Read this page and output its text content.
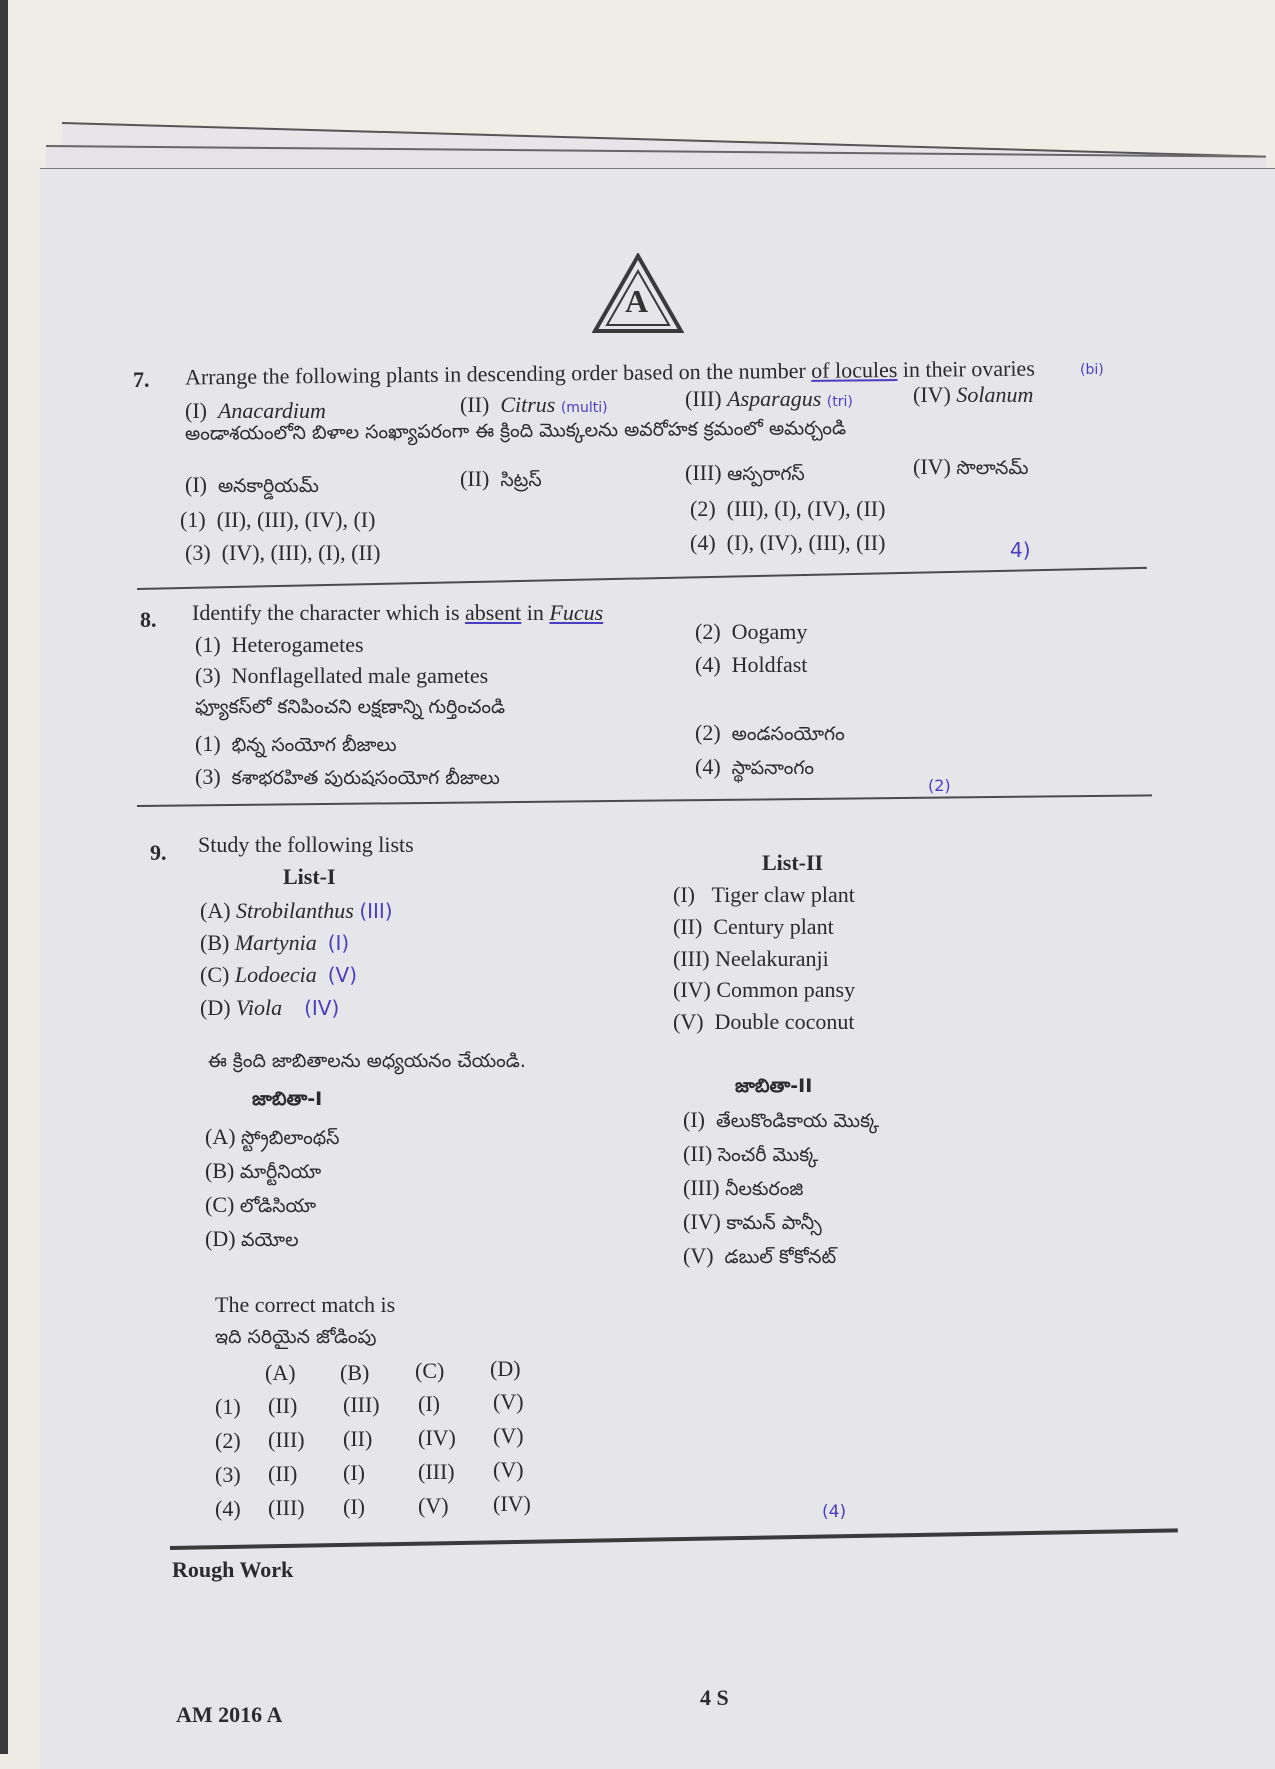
A
7. Arrange the following plants in descending order based on the number of locules in their ovaries
(I) Anacardium	(II) Citrus (multi)	(III) Asparagus (tri)	(IV) Solanum
(bi)
అండాశయంలోని బిళాల సంఖ్యాపరంగా ఈ క్రింది మొక్కలను అవరోహక క్రమంలో అమర్చండి
(I) అనకార్డియమ్	(II) సిట్రస్	(III) ఆస్పరాగస్	(IV) సొలానమ్
(1) (II), (III), (IV), (I)	(2) (III), (I), (IV), (II)
(3) (IV), (III), (I), (II)	(4) (I), (IV), (III), (II)	4)
8. Identify the character which is absent in Fucus
(1) Heterogametes
(2) Oogamy
(3) Nonflagellated male gametes	(4) Holdfast
ఫ్యూకస్‌లో కనిపించని లక్షణాన్ని గుర్తించండి
(1) భిన్న సంయోగ బీజాలు	(2) అండసంయోగం
(3) కశాభరహిత పురుషసంయోగ బీజాలు	(4) స్థాపనాంగం
(2)
9. Study the following lists
List-I
List-II
(A) Strobilanthus (III)
(B) Martynia (I)
(C) Lodoecia (V)
(D) Viola (IV)
(I) Tiger claw plant
(II) Century plant
(III) Neelakuranji
(IV) Common pansy
(V) Double coconut
ఈ క్రింది జాబితాలను అధ్యయనం చేయండి.
జాబితా-I
జాబితా-II
(A) స్ట్రోబిలాంథస్
(B) మార్టీనియా
(C) లోడిసియా
(D) వయోల
(I) తేలుకొండికాయ మొక్క
(II) సెంచరీ మొక్క
(III) నీలకురంజి
(IV) కామన్ పాన్సీ
(V) డబుల్ కోకోనట్
The correct match is
ఇది సరియైన జోడింపు
(A) (B) (C) (D)
(1) (II) (III) (I) (V)
(2) (III) (II) (IV) (V)
(3) (II) (I) (III) (V)
(4) (III) (I) (V) (IV)	(4)
Rough Work
AM 2016 A
4 S
